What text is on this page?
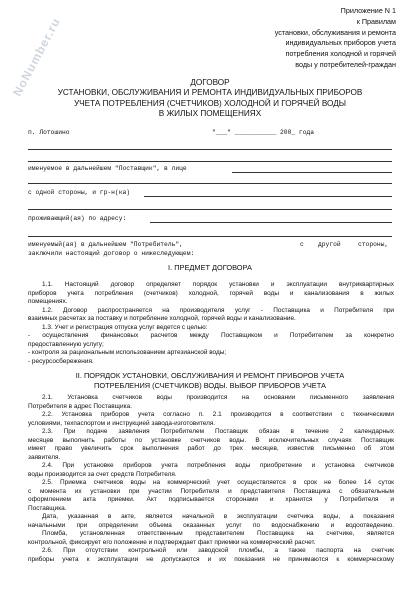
NoNumber.ru
Приложение N 1
к Правилам
установки, обслуживания и ремонта
индивидуальных приборов учета
потребления холодной и горячей
воды у потребителей-граждан
ДОГОВОР
УСТАНОВКИ, ОБСЛУЖИВАНИЯ И РЕМОНТА ИНДИВИДУАЛЬНЫХ ПРИБОРОВ
УЧЕТА ПОТРЕБЛЕНИЯ (СЧЕТЧИКОВ) ХОЛОДНОЙ И ГОРЯЧЕЙ ВОДЫ
В ЖИЛЫХ ПОМЕЩЕНИЯХ
п. Лотошино	"___" ___________ 200_ года
именуемое в дальнейшем "Поставщик", в лице
с одной стороны, и гр-н(ка)
проживающий(ая) по адресу:
именуемый(ая) в дальнейшем "Потребитель",	с другой	стороны,
заключили настоящий договор о нижеследующем:
I. ПРЕДМЕТ ДОГОВОРА
1.1. Настоящий договор определяет порядок установки и эксплуатации внутриквартирных
приборов учета потребления (счетчиков) холодной, горячей воды и канализования в жилых
помещениях.
1.2. Договор распространяется на производителя услуг - Поставщика и Потребителя при
взаимных расчетах за поставку и потребление холодной, горячей воды и канализование.
1.3. Учет и регистрация отпуска услуг ведется с целью:
- осуществления финансовых расчетов между Поставщиком и Потребителем за конкретно
предоставленную услугу;
- контроля за рациональным использованием артезианской воды;
- ресурсосбережения.
II. ПОРЯДОК УСТАНОВКИ, ОБСЛУЖИВАНИЯ И РЕМОНТ ПРИБОРОВ УЧЕТА
ПОТРЕБЛЕНИЯ (СЧЕТЧИКОВ) ВОДЫ. ВЫБОР ПРИБОРОВ УЧЕТА
2.1. Установка счетчиков воды производится на основании письменного заявления
Потребителя в адрес Поставщика.
2.2. Установка приборов учета согласно п. 2.1 производится в соответствии с техническими
условиями, техпаспортом и инструкцией завода-изготовителя.
2.3. При подаче заявления Потребителем Поставщик обязан в течение 2 календарных
месяцев выполнить работы по установке счетчиков воды. В исключительных случаях Поставщик
имеет право увеличить срок выполнения работ до трех месяцев, известив письменно об этом
заявителя.
2.4. При установке приборов учета потребления воды приобретение и установка счетчиков
воды производится за счет средств Потребителя.
2.5. Приемка счетчиков воды на коммерческий учет осуществляется в срок не более 14 суток
с момента их установки при участии Потребителя и представителя Поставщика с обязательным
оформлением акта приемки. Акт подписывается сторонами и хранится у Потребителя и
Поставщика.
Дата, указанная в акте, является начальной в эксплуатации счетчика воды, а показания
начальными при определении объема оказанных услуг по водоснабжению и водоотведению.
Пломба, установленная ответственным представителем Поставщика на счетчике, является
контрольной, фиксирует его положение и подтверждает факт приемки на коммерческий расчет.
2.6. При отсутствии контрольной или заводской пломбы, а также паспорта на счетчик
приборы учета к эксплуатации не допускаются и их показания не принимаются к коммерческому
